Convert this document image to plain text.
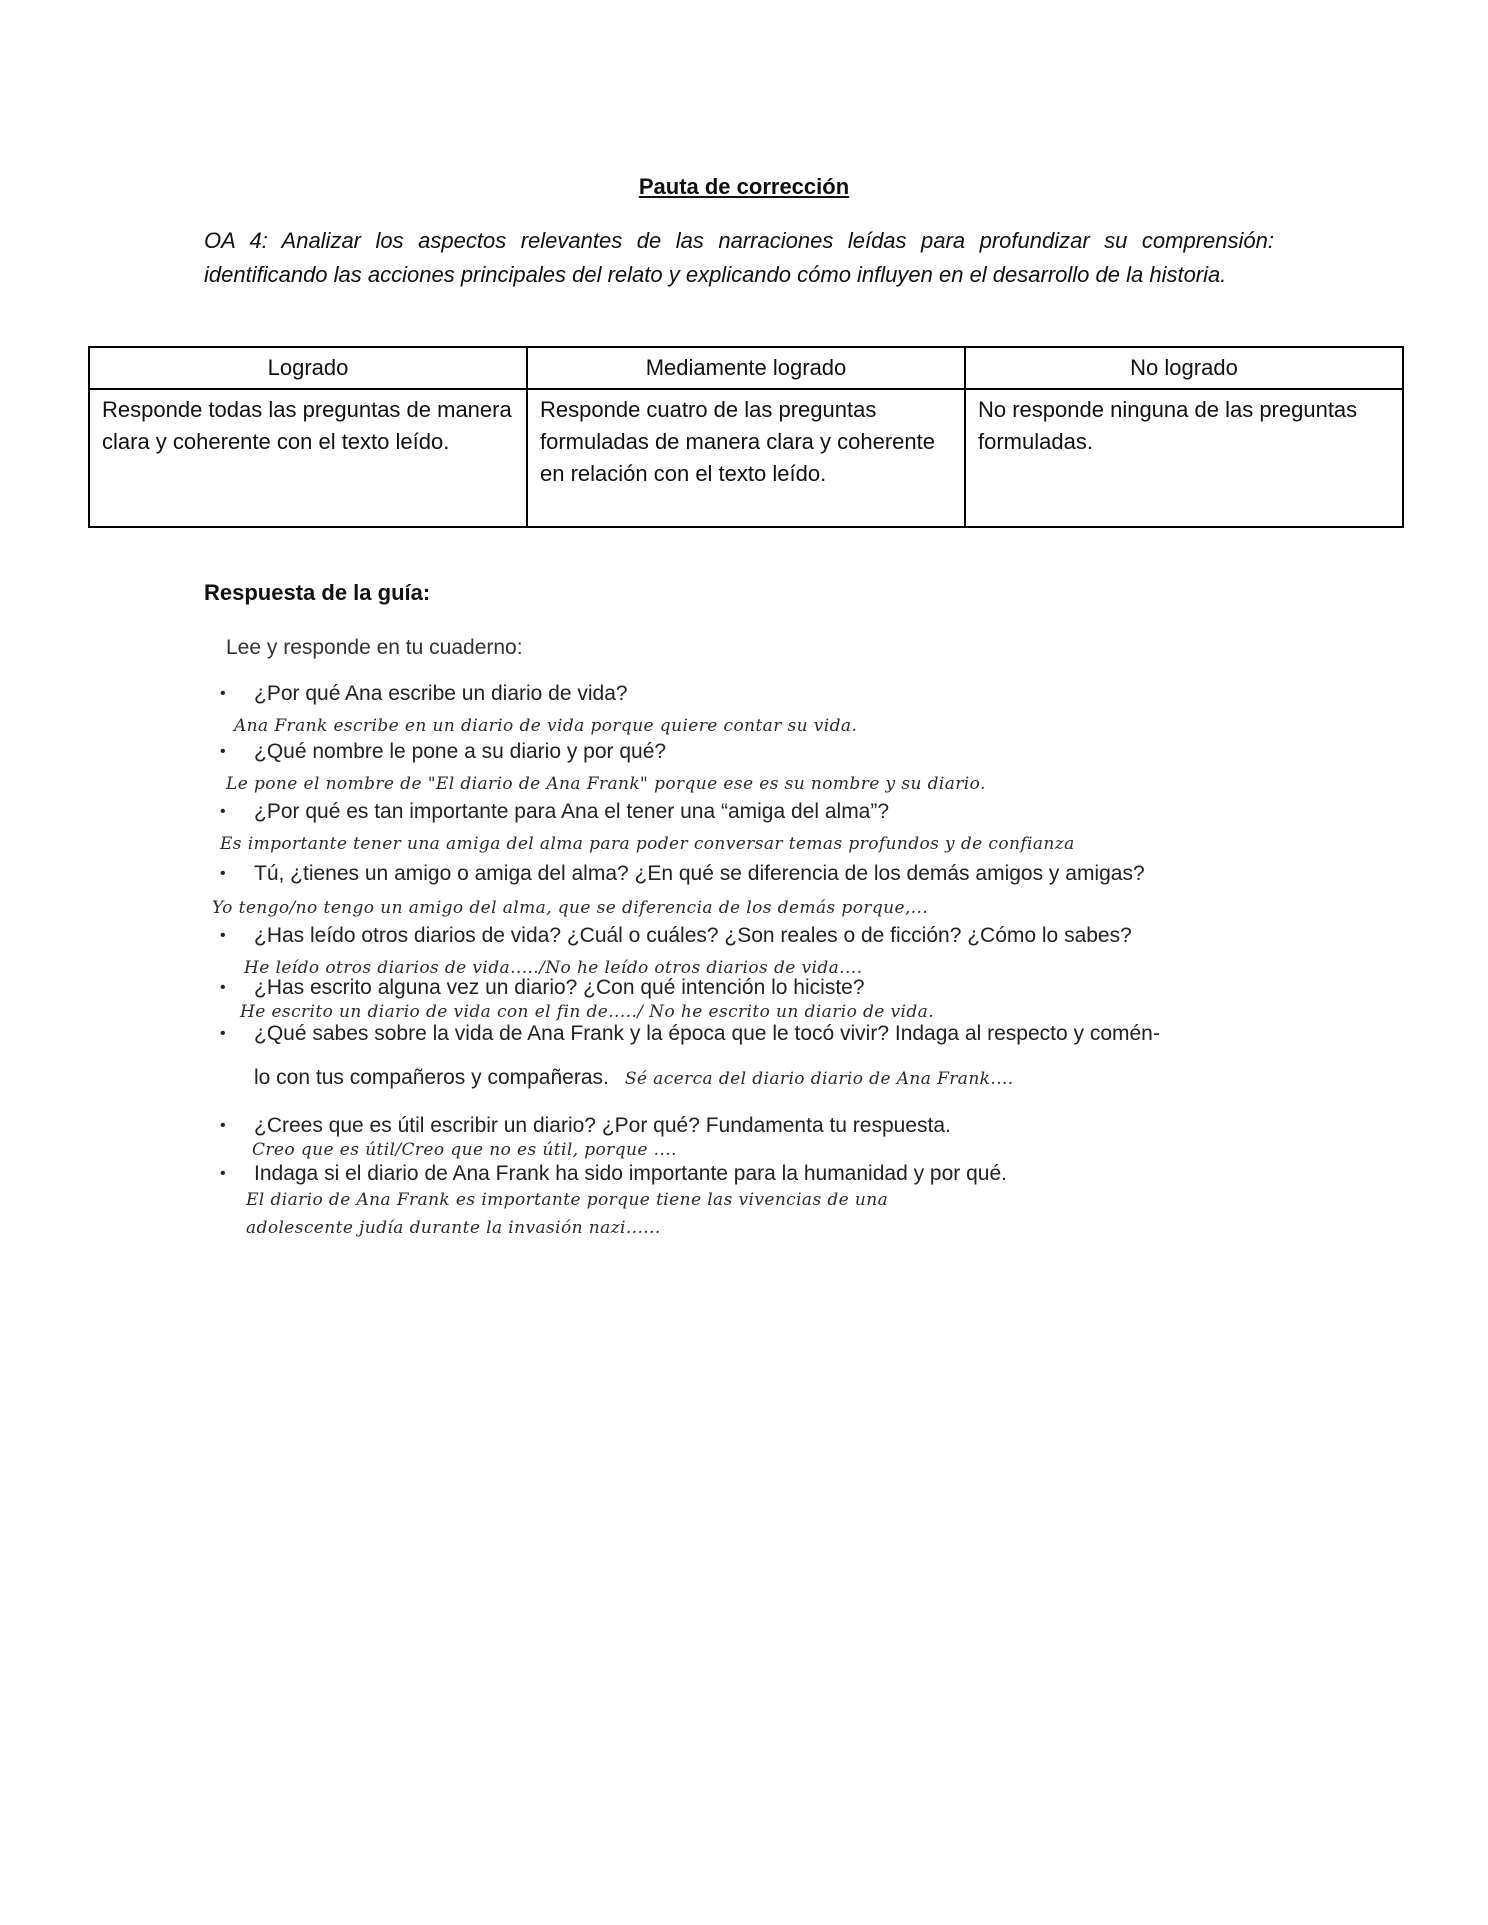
Pauta de corrección
OA 4: Analizar los aspectos relevantes de las narraciones leídas para profundizar su comprensión: identificando las acciones principales del relato y explicando cómo influyen en el desarrollo de la historia.
Logrado	Mediamente logrado	No logrado
Responde todas las preguntas de manera clara y coherente con el texto leído.	Responde cuatro de las preguntas formuladas de manera clara y coherente en relación con el texto leído.	No responde ninguna de las preguntas formuladas.
Respuesta de la guía:
Lee y responde en tu cuaderno:
• ¿Por qué Ana escribe un diario de vida?
Ana Frank escribe en un diario de vida porque quiere contar su vida.
• ¿Qué nombre le pone a su diario y por qué?
Le pone el nombre de "El diario de Ana Frank" porque ese es su nombre y su diario.
• ¿Por qué es tan importante para Ana el tener una “amiga del alma”?
Es importante tener una amiga del alma para poder conversar temas profundos y de confianza
• Tú, ¿tienes un amigo o amiga del alma? ¿En qué se diferencia de los demás amigos y amigas?
Yo tengo/no tengo un amigo del alma, que se diferencia de los demás porque,...
• ¿Has leído otros diarios de vida? ¿Cuál o cuáles? ¿Son reales o de ficción? ¿Cómo lo sabes?
He leído otros diarios de vida...../No he leído otros diarios de vida....
• ¿Has escrito alguna vez un diario? ¿Con qué intención lo hiciste?
He escrito un diario de vida con el fin de...../ No he escrito un diario de vida.
• ¿Qué sabes sobre la vida de Ana Frank y la época que le tocó vivir? Indaga al respecto y comén-
lo con tus compañeros y compañeras. Sé acerca del diario diario de Ana Frank....
• ¿Crees que es útil escribir un diario? ¿Por qué? Fundamenta tu respuesta.
Creo que es útil/Creo que no es útil, porque ....
• Indaga si el diario de Ana Frank ha sido importante para la humanidad y por qué.
El diario de Ana Frank es importante porque tiene las vivencias de una
adolescente judía durante la invasión nazi......
